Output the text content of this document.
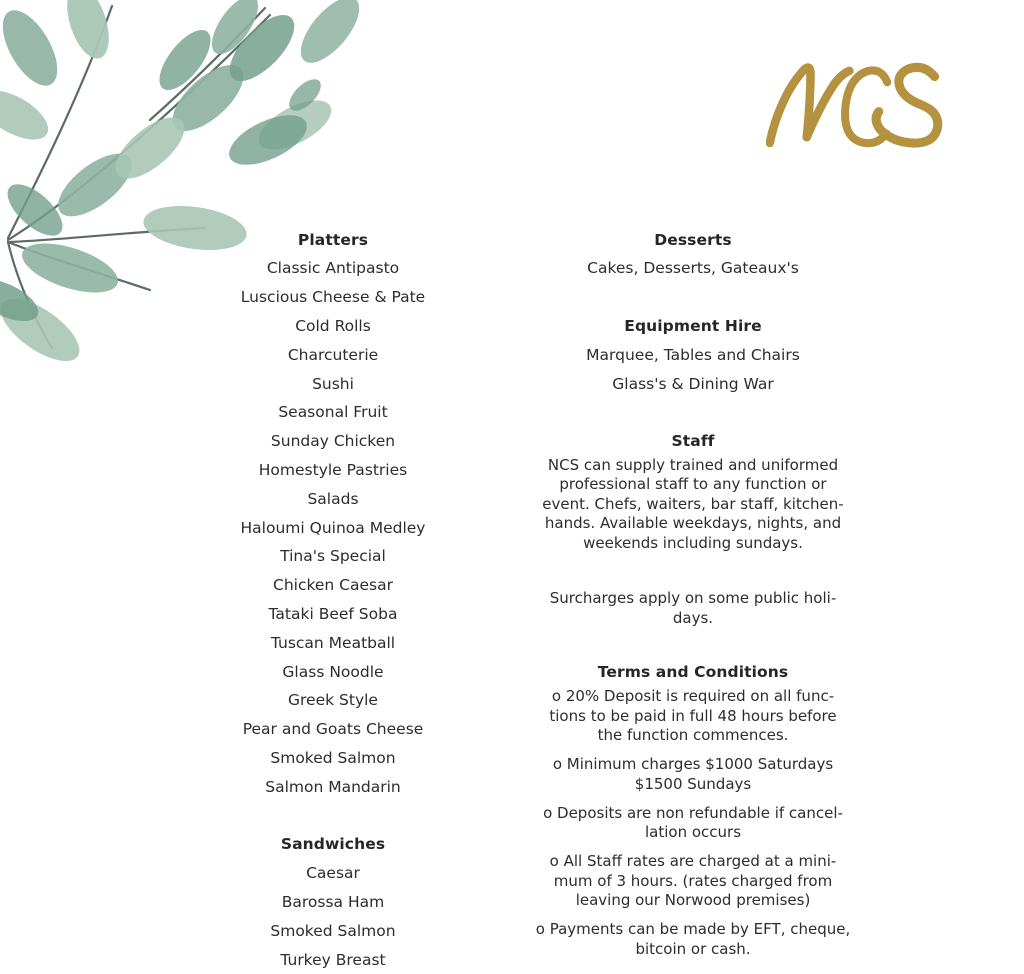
Platters
Classic Antipasto
Luscious Cheese & Pate
Cold Rolls
Charcuterie
Sushi
Seasonal Fruit
Sunday Chicken
Homestyle Pastries
Salads
Haloumi Quinoa Medley
Tina's Special
Chicken Caesar
Tataki Beef Soba
Tuscan Meatball
Glass Noodle
Greek Style
Pear and Goats Cheese
Smoked Salmon
Salmon Mandarin
Sandwiches
Caesar
Barossa Ham
Smoked Salmon
Turkey Breast
Desserts
Cakes, Desserts, Gateaux's
Equipment Hire
Marquee, Tables and Chairs
Glass's & Dining War
Staff
NCS can supply trained and uniformed
professional staff to any function or
event. Chefs, waiters, bar staff, kitchen-
hands. Available weekdays, nights, and
weekends including sundays.
Surcharges apply on some public holi-
days.
Terms and Conditions
o 20% Deposit is required on all func-
tions to be paid in full 48 hours before
the function commences.
o Minimum charges $1000 Saturdays
$1500 Sundays
o Deposits are non refundable if cancel-
lation occurs
o All Staff rates are charged at a mini-
mum of 3 hours. (rates charged from
leaving our Norwood premises)
o Payments can be made by EFT, cheque,
bitcoin or cash.
